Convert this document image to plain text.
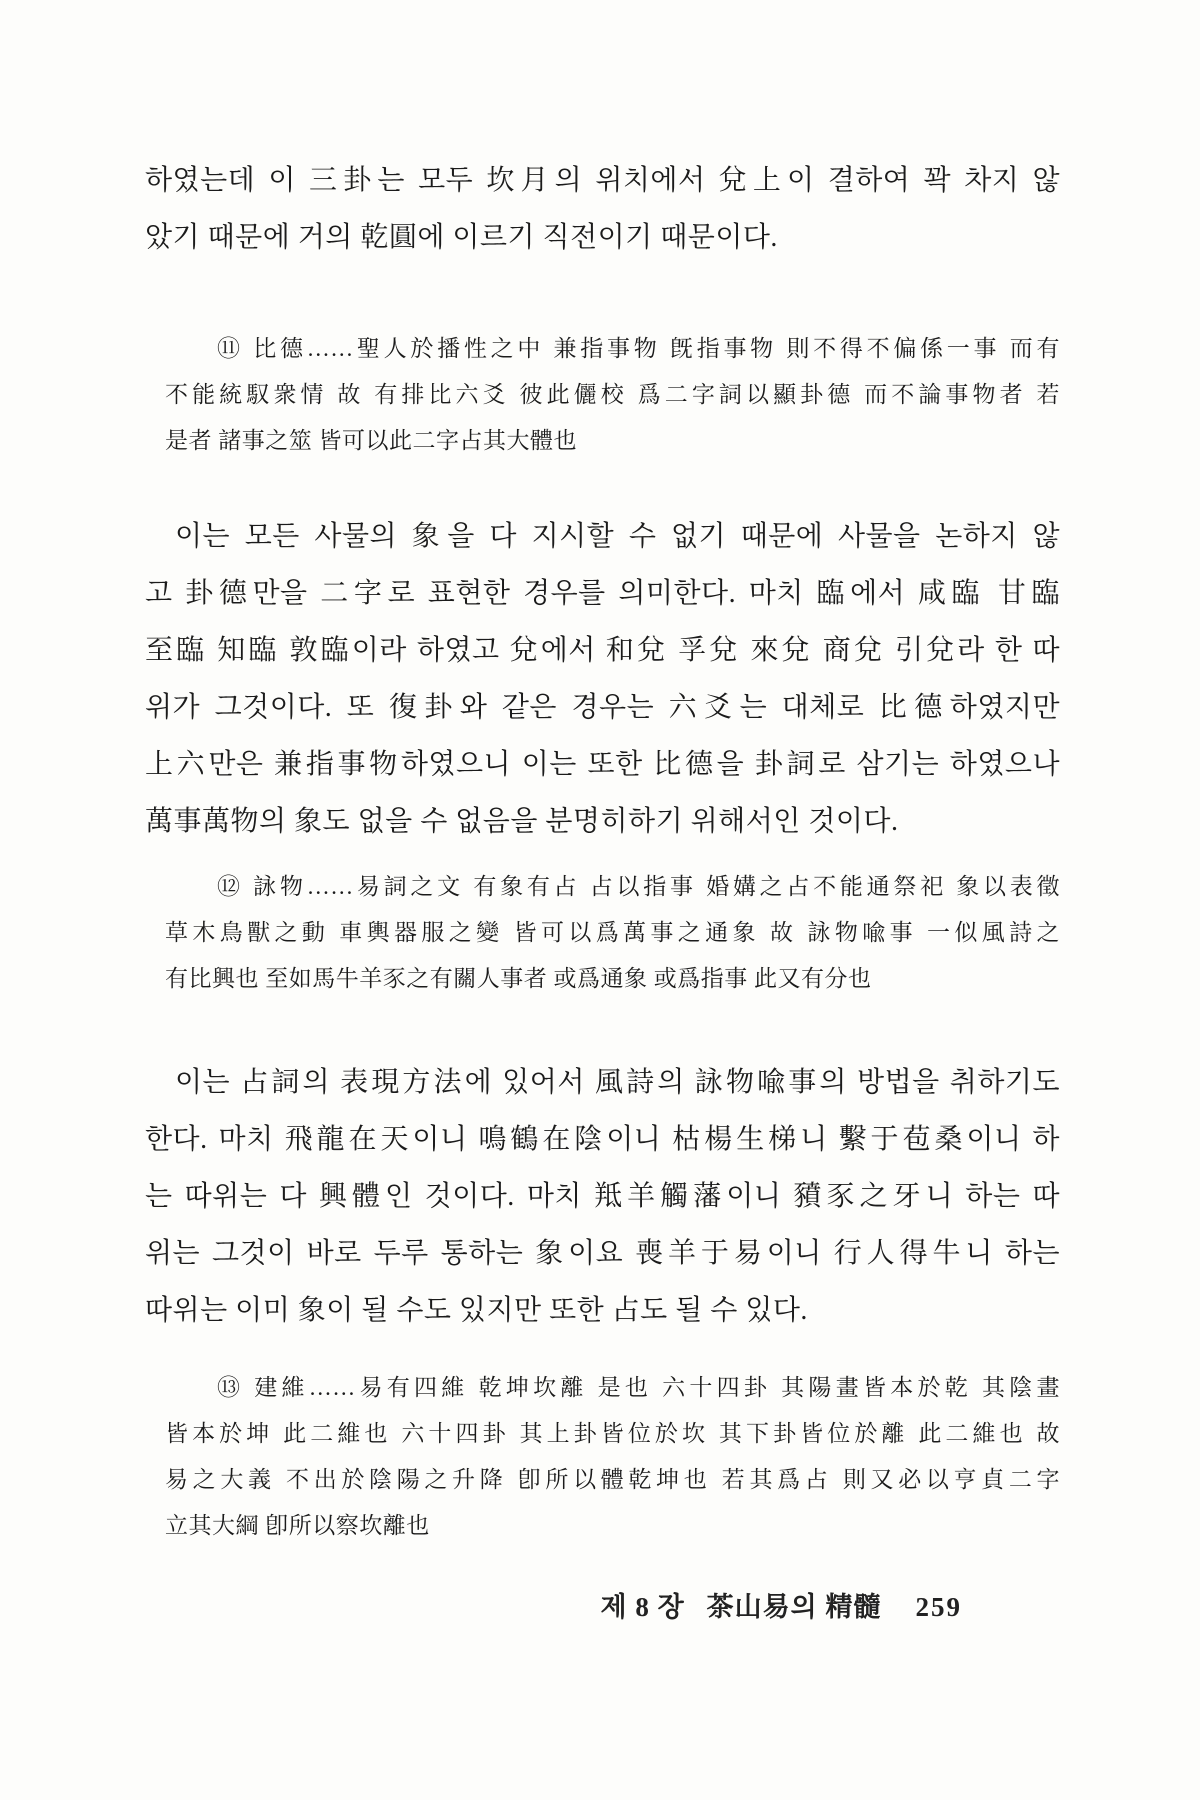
하였는데 이 三卦는 모두 坎月의 위치에서 兌上이 결하여 꽉 차지 않
았기 때문에 거의 乾圓에 이르기 직전이기 때문이다.
⑪ 比德……聖人於播性之中 兼指事物 旣指事物 則不得不偏係一事 而有
不能統馭衆情 故 有排比六爻 彼此儷校 爲二字詞以顯卦德 而不論事物者 若
是者 諸事之筮 皆可以此二字占其大體也
이는 모든 사물의 象을 다 지시할 수 없기 때문에 사물을 논하지 않
고 卦德만을 二字로 표현한 경우를 의미한다. 마치 臨에서 咸臨 甘臨
至臨 知臨 敦臨이라 하였고 兌에서 和兌 孚兌 來兌 商兌 引兌라 한 따
위가 그것이다. 또 復卦와 같은 경우는 六爻는 대체로 比德하였지만
上六만은 兼指事物하였으니 이는 또한 比德을 卦詞로 삼기는 하였으나
萬事萬物의 象도 없을 수 없음을 분명히하기 위해서인 것이다.
⑫ 詠物……易詞之文 有象有占 占以指事 婚媾之占不能通祭祀 象以表徵
草木鳥獸之動 車輿器服之變 皆可以爲萬事之通象 故 詠物喩事 一似風詩之
有比興也 至如馬牛羊豕之有關人事者 或爲通象 或爲指事 此又有分也
이는 占詞의 表現方法에 있어서 風詩의 詠物喩事의 방법을 취하기도
한다. 마치 飛龍在天이니 鳴鶴在陰이니 枯楊生梯니 繫于苞桑이니 하
는 따위는 다 興體인 것이다. 마치 羝羊觸藩이니 豶豕之牙니 하는 따
위는 그것이 바로 두루 통하는 象이요 喪羊于易이니 行人得牛니 하는
따위는 이미 象이 될 수도 있지만 또한 占도 될 수 있다.
⑬ 建維……易有四維 乾坤坎離 是也 六十四卦 其陽畫皆本於乾 其陰畫
皆本於坤 此二維也 六十四卦 其上卦皆位於坎 其下卦皆位於離 此二維也 故
易之大義 不出於陰陽之升降 卽所以體乾坤也 若其爲占 則又必以亨貞二字
立其大綱 卽所以察坎離也
제 8 장 茶山易의 精髓 259
